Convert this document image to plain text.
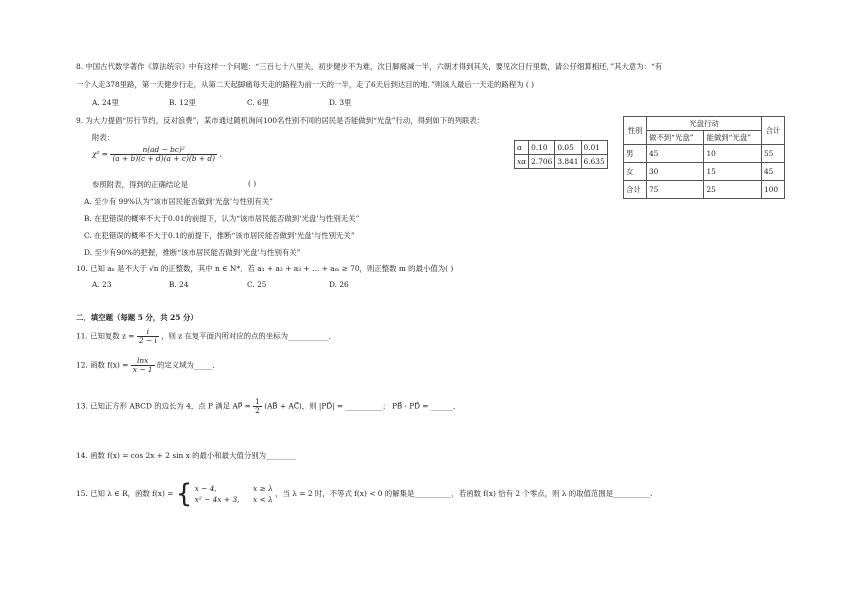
8. 中国古代数学著作《算法统宗》中有这样一个问题：“三百七十八里关，初步健步不为难，次日脚痛减一半，六朝才得到其关，要见次日行里数，请公仔细算相还．”其大意为：“有
一个人走378里路，第一天健步行走，从第二天起脚痛每天走的路程为前一天的一半，走了6天后到达目的地．”则该人最后一天走的路程为 ( )
A. 24里	B. 12里	C. 6里	D. 3里
9. 为大力提倡“厉行节约，反对浪费”，某市通过随机询问100名性别不同的居民是否能做到“光盘”行动，得到如下的列联表：
附表：
$\chi^2 = \frac{\text{n(ad − bc)²}}{(a + b)(c + d)(a + c)(b + d)}$ ,
参照附表，得到的正确结论是	( )
A. 至少有 99%认为“该市居民能否做到‘光盘’与性别有关”
B. 在犯错误的概率不大于0.01的前提下，认为“该市居民能否做到‘光盘’与性别无关”
C. 在犯错误的概率不大于0.1的前提下，推断“该市居民能否做到‘光盘’与性别无关”
D. 至少有90%的把握，推断“该市居民能否做到‘光盘’与性别有关”
α	0.10	0.05	0.01
xα	2.706	3.841	6.635
性别	光盘行动		合计
	做不到“光盘”	能做到“光盘”	
男	45	10	55
女	30	15	45
合计	75	25	100
10. 已知 aₙ 是不大于 √n 的正整数，其中 n ∈ N*．若 a₁ + a₂ + a₃ + … + aₘ ≥ 70，则正整数 m 的最小值为( )
A. 23	B. 24	C. 25	D. 26
二．填空题（每题 5 分，共 25 分）
11. 已知复数 $z = \frac{i}{2 - i}$ ，则 z 在复平面内所对应的点的坐标为___________．
12. 函数 $f(x) = \frac{\ln x}{x - 1}$ 的定义域为_____．
13. 已知正方形 ABCD 的边长为 4，点 P 满足 AP⃗ = $\frac{1}{2}$ (AB⃗ + AC⃗)，则 |PD⃗| = __________； PB⃗ · PD⃗ = ______．
14. 函数 f(x) = cos 2x + 2 sin x 的最小和最大值分别为________
15. 已知 λ ∈ R，函数 f(x) = { x − 4,	x ≥ λ
x² − 4x + 3, x < λ
，当 λ = 2 时，不等式 f(x) < 0 的解集是__________．若函数 f(x) 恰有 2 个零点，则 λ 的取值范围是__________.
